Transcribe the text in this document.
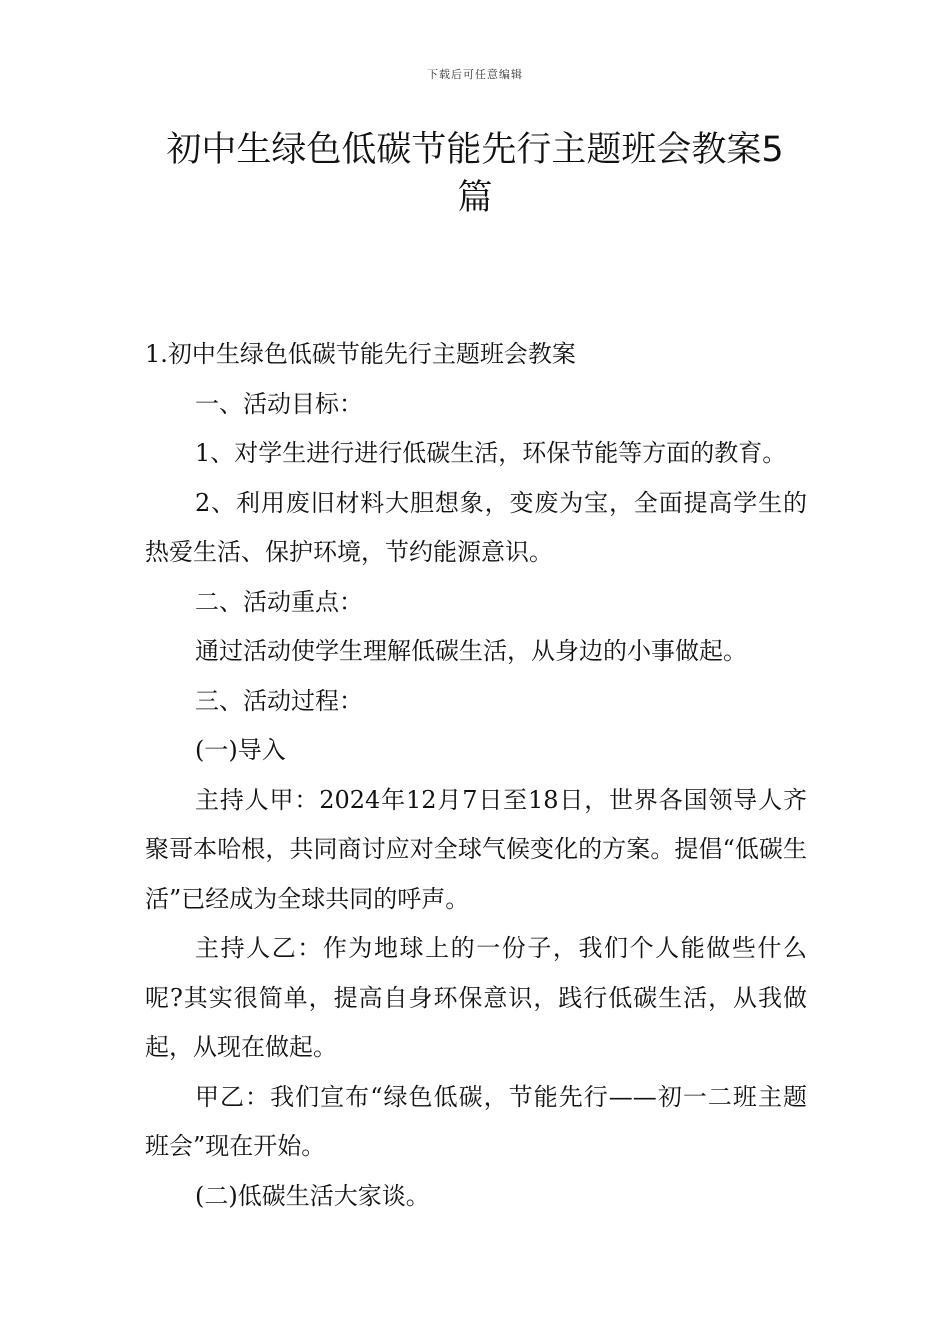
下载后可任意编辑
初中生绿色低碳节能先行主题班会教案5篇

1.初中生绿色低碳节能先行主题班会教案

一、活动目标：

1、对学生进行进行低碳生活，环保节能等方面的教育。

2、利用废旧材料大胆想象，变废为宝，全面提高学生的热爱生活、保护环境，节约能源意识。

二、活动重点：

通过活动使学生理解低碳生活，从身边的小事做起。

三、活动过程：

(一)导入

主持人甲：2024年12月7日至18日，世界各国领导人齐聚哥本哈根，共同商讨应对全球气候变化的方案。提倡“低碳生活”已经成为全球共同的呼声。

主持人乙：作为地球上的一份子，我们个人能做些什么呢?其实很简单，提高自身环保意识，践行低碳生活，从我做起，从现在做起。

甲乙：我们宣布“绿色低碳，节能先行——初一二班主题班会”现在开始。

(二)低碳生活大家谈。
